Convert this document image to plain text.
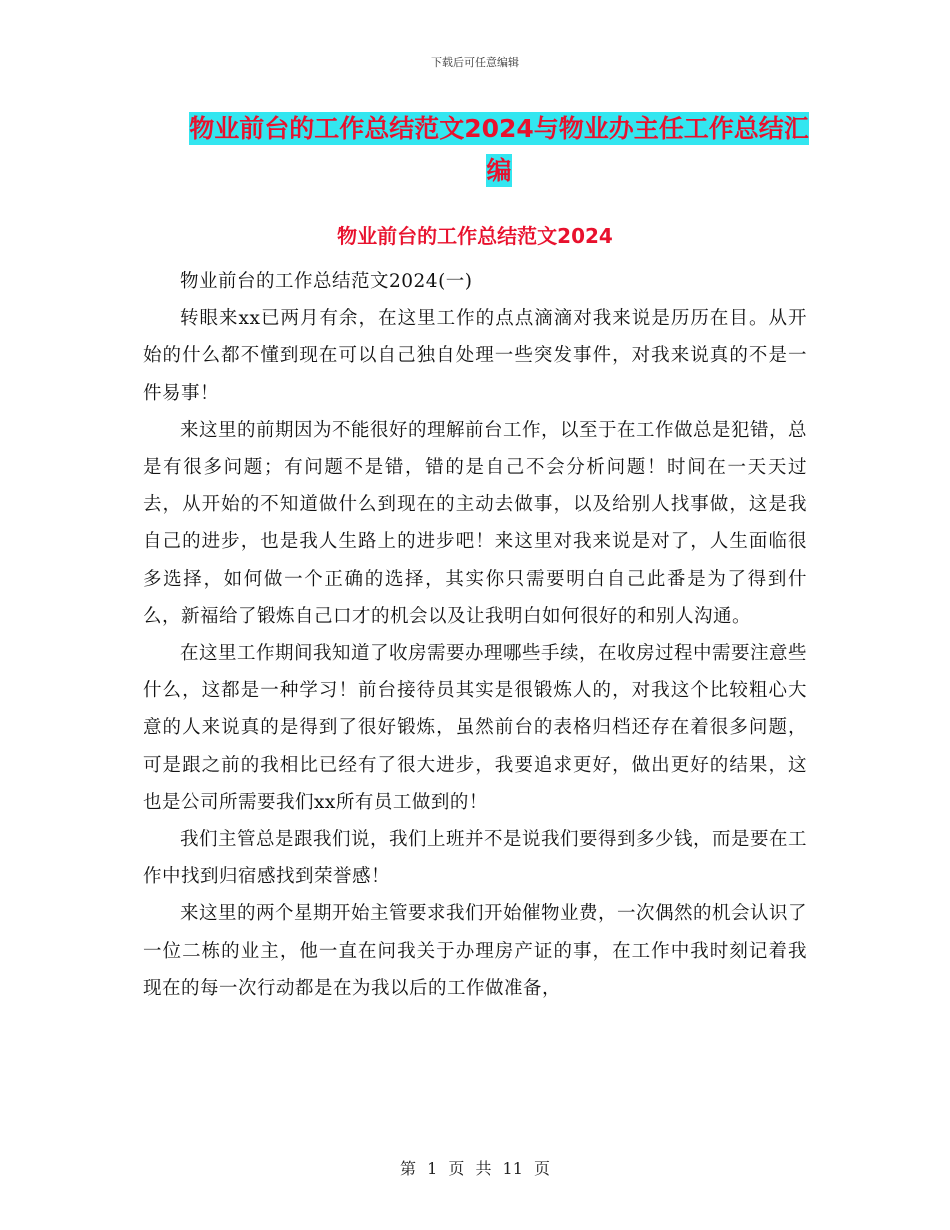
下载后可任意编辑
物业前台的工作总结范文2024与物业办主任工作总结汇编
物业前台的工作总结范文2024

物业前台的工作总结范文2024(一)

转眼来xx已两月有余，在这里工作的点点滴滴对我来说是历历在目。从开始的什么都不懂到现在可以自己独自处理一些突发事件，对我来说真的不是一件易事！

来这里的前期因为不能很好的理解前台工作，以至于在工作做总是犯错，总是有很多问题；有问题不是错，错的是自己不会分析问题！时间在一天天过去，从开始的不知道做什么到现在的主动去做事，以及给别人找事做，这是我自己的进步，也是我人生路上的进步吧！来这里对我来说是对了，人生面临很多选择，如何做一个正确的选择，其实你只需要明白自己此番是为了得到什么，新福给了锻炼自己口才的机会以及让我明白如何很好的和别人沟通。

在这里工作期间我知道了收房需要办理哪些手续，在收房过程中需要注意些什么，这都是一种学习！前台接待员其实是很锻炼人的，对我这个比较粗心大意的人来说真的是得到了很好锻炼，虽然前台的表格归档还存在着很多问题，可是跟之前的我相比已经有了很大进步，我要追求更好，做出更好的结果，这也是公司所需要我们xx所有员工做到的！

我们主管总是跟我们说，我们上班并不是说我们要得到多少钱，而是要在工作中找到归宿感找到荣誉感！

来这里的两个星期开始主管要求我们开始催物业费，一次偶然的机会认识了一位二栋的业主，他一直在问我关于办理房产证的事，在工作中我时刻记着我现在的每一次行动都是在为我以后的工作做准备，

第 1 页 共 11 页
